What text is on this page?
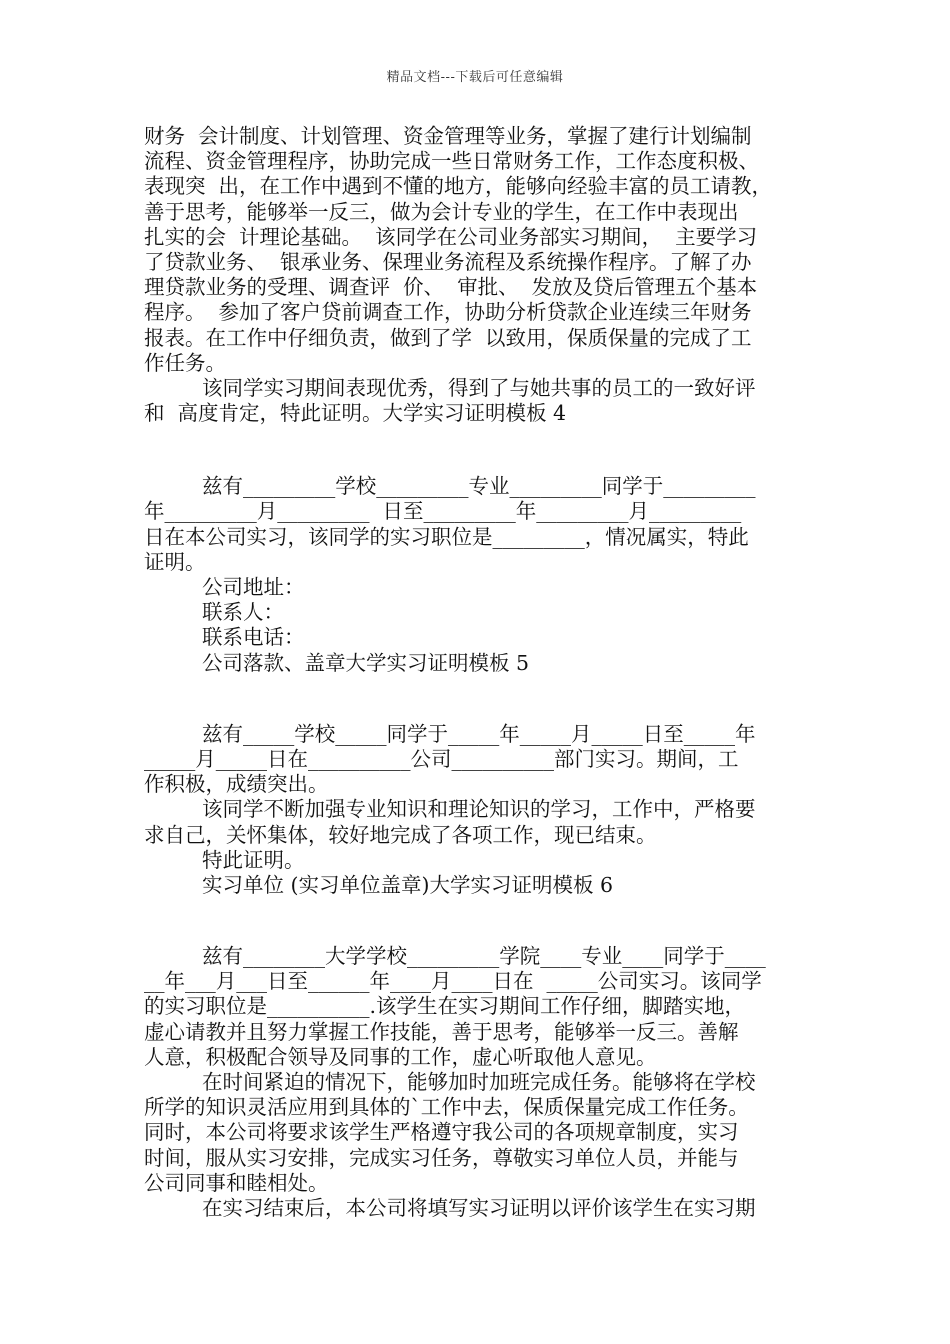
精品文档---下载后可任意编辑
财务  会计制度、计划管理、资金管理等业务，掌握了建行计划编制
流程、资金管理程序，协助完成一些日常财务工作，工作态度积极、
表现突  出，在工作中遇到不懂的地方，能够向经验丰富的员工请教，
善于思考，能够举一反三，做为会计专业的学生，在工作中表现出
扎实的会  计理论基础。  该同学在公司业务部实习期间，  主要学习
了贷款业务、  银承业务、保理业务流程及系统操作程序。了解了办
理贷款业务的受理、调查评  价、  审批、  发放及贷后管理五个基本
程序。  参加了客户贷前调查工作，协助分析贷款企业连续三年财务
报表。在工作中仔细负责，做到了学  以致用，保质保量的完成了工
作任务。
该同学实习期间表现优秀，得到了与她共事的员工的一致好评
和  高度肯定，特此证明。大学实习证明模板 4
兹有_________学校_________专业_________同学于_________
年_________月_________  日至_________年_________月_________
日在本公司实习，该同学的实习职位是_________，情况属实，特此
证明。
公司地址：
联系人：
联系电话：
公司落款、盖章大学实习证明模板 5
兹有_____学校_____同学于_____年_____月_____日至_____年
_____月_____日在__________公司__________部门实习。期间，工
作积极，成绩突出。
该同学不断加强专业知识和理论知识的学习，工作中，严格要
求自己，关怀集体，较好地完成了各项工作，现已结束。
特此证明。
实习单位 (实习单位盖章)大学实习证明模板 6
兹有________大学学校_________学院____专业____同学于____
__年___月___日至______年____月____日在  _____公司实习。该同学
的实习职位是__________.该学生在实习期间工作仔细，脚踏实地，
虚心请教并且努力掌握工作技能，善于思考，能够举一反三。善解
人意，积极配合领导及同事的工作，虚心听取他人意见。
在时间紧迫的情况下，能够加时加班完成任务。能够将在学校
所学的知识灵活应用到具体的`工作中去，保质保量完成工作任务。
同时，本公司将要求该学生严格遵守我公司的各项规章制度，实习
时间，服从实习安排，完成实习任务，尊敬实习单位人员，并能与
公司同事和睦相处。
在实习结束后，本公司将填写实习证明以评价该学生在实习期
